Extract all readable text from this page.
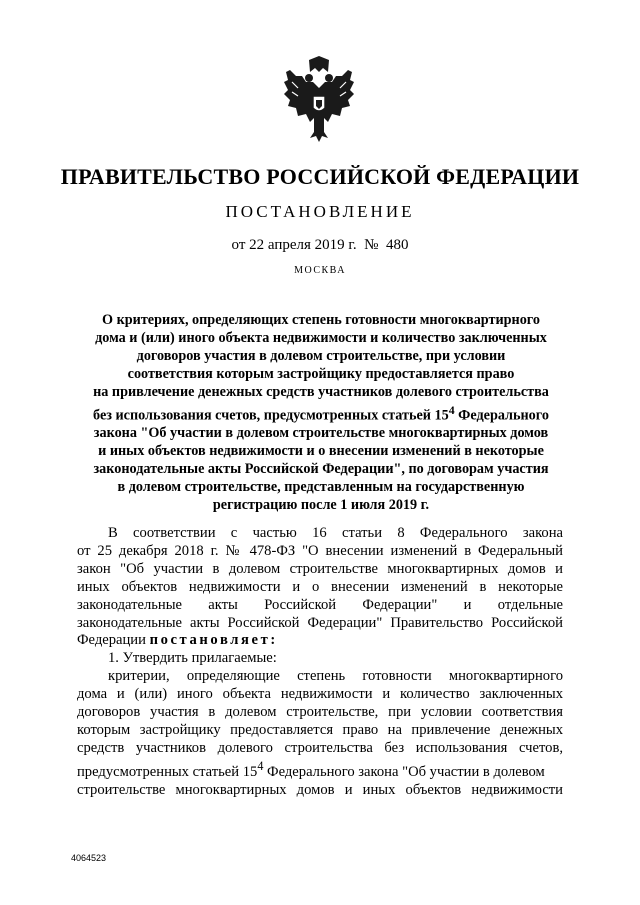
ПРАВИТЕЛЬСТВО РОССИЙСКОЙ ФЕДЕРАЦИИ
ПОСТАНОВЛЕНИЕ
от 22 апреля 2019 г.  №  480
МОСКВА
О критериях, определяющих степень готовности многоквартирного
дома и (или) иного объекта недвижимости и количество заключенных
договоров участия в долевом строительстве, при условии
соответствия которым застройщику предоставляется право
на привлечение денежных средств участников долевого строительства
без использования счетов, предусмотренных статьей $15^4$ Федерального
закона "Об участии в долевом строительстве многоквартирных домов
и иных объектов недвижимости и о внесении изменений в некоторые
законодательные акты Российской Федерации", по договорам участия
в долевом строительстве, представленным на государственную
регистрацию после 1 июля 2019 г.
В соответствии с частью 16 статьи 8 Федерального закона
от 25 декабря 2018 г. № 478-ФЗ "О внесении изменений в Федеральный
закон "Об участии в долевом строительстве многоквартирных домов и
иных объектов недвижимости и о внесении изменений в некоторые
законодательные акты Российской Федерации" и отдельные
законодательные акты Российской Федерации" Правительство Российской
Федерации постановляет:
1. Утвердить прилагаемые:
критерии, определяющие степень готовности многоквартирного
дома и (или) иного объекта недвижимости и количество заключенных
договоров участия в долевом строительстве, при условии соответствия
которым застройщику предоставляется право на привлечение денежных
средств участников долевого строительства без использования счетов,
предусмотренных статьей $15^4$ Федерального закона "Об участии в долевом
строительстве многоквартирных домов и иных объектов недвижимости
4064523
